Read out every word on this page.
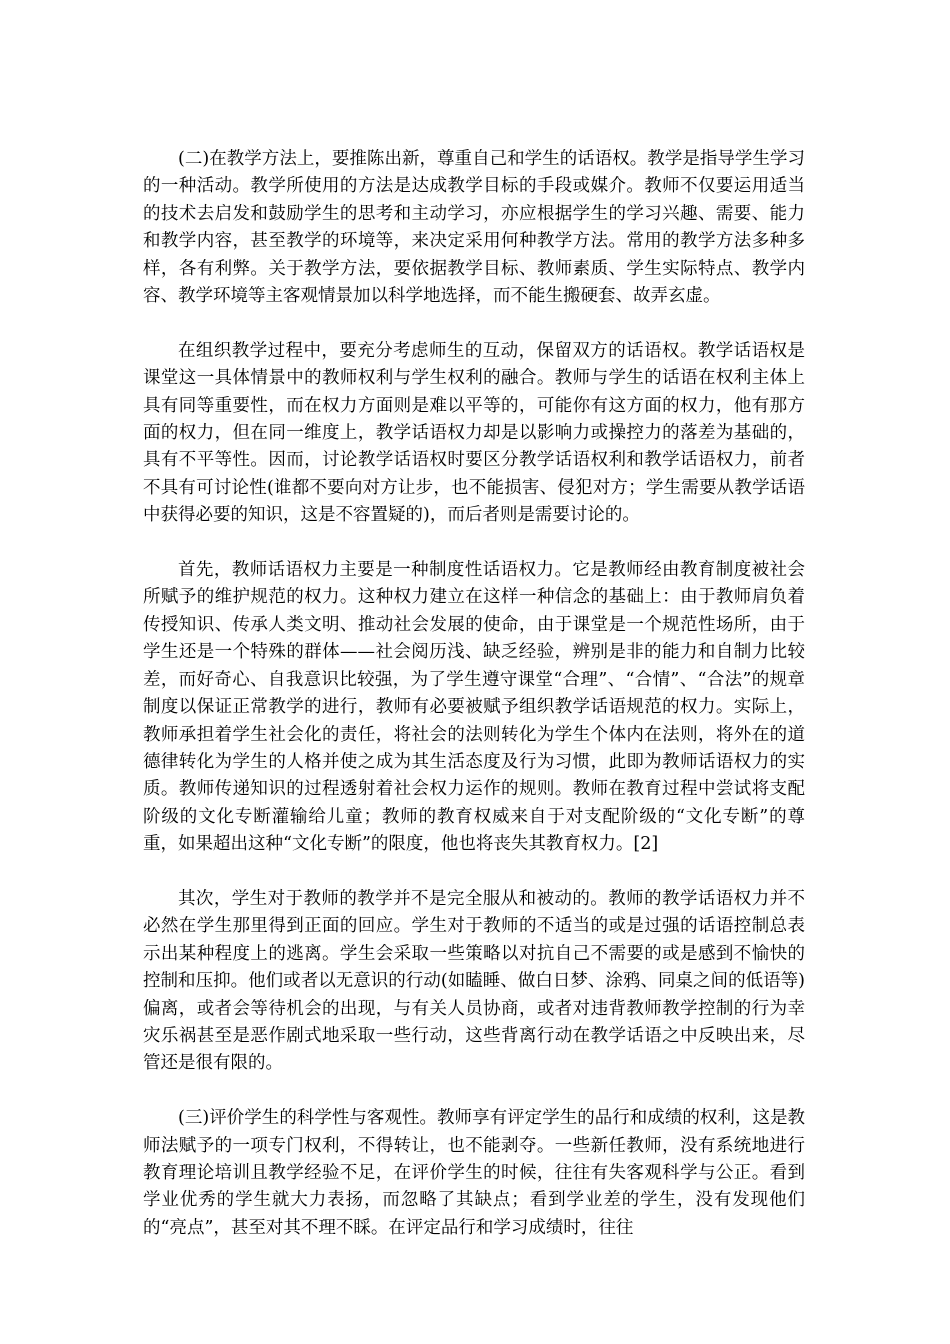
(二)在教学方法上，要推陈出新，尊重自己和学生的话语权。教学是指导学生学习的一种活动。教学所使用的方法是达成教学目标的手段或媒介。教师不仅要运用适当的技术去启发和鼓励学生的思考和主动学习，亦应根据学生的学习兴趣、需要、能力和教学内容，甚至教学的环境等，来决定采用何种教学方法。常用的教学方法多种多样，各有利弊。关于教学方法，要依据教学目标、教师素质、学生实际特点、教学内容、教学环境等主客观情景加以科学地选择，而不能生搬硬套、故弄玄虚。

在组织教学过程中，要充分考虑师生的互动，保留双方的话语权。教学话语权是课堂这一具体情景中的教师权利与学生权利的融合。教师与学生的话语在权利主体上具有同等重要性，而在权力方面则是难以平等的，可能你有这方面的权力，他有那方面的权力，但在同一维度上，教学话语权力却是以影响力或操控力的落差为基础的，具有不平等性。因而，讨论教学话语权时要区分教学话语权利和教学话语权力，前者不具有可讨论性(谁都不要向对方让步，也不能损害、侵犯对方；学生需要从教学话语中获得必要的知识，这是不容置疑的)，而后者则是需要讨论的。

首先，教师话语权力主要是一种制度性话语权力。它是教师经由教育制度被社会所赋予的维护规范的权力。这种权力建立在这样一种信念的基础上：由于教师肩负着传授知识、传承人类文明、推动社会发展的使命，由于课堂是一个规范性场所，由于学生还是一个特殊的群体——社会阅历浅、缺乏经验，辨别是非的能力和自制力比较差，而好奇心、自我意识比较强，为了学生遵守课堂“合理”、“合情”、“合法”的规章制度以保证正常教学的进行，教师有必要被赋予组织教学话语规范的权力。实际上，教师承担着学生社会化的责任，将社会的法则转化为学生个体内在法则，将外在的道德律转化为学生的人格并使之成为其生活态度及行为习惯，此即为教师话语权力的实质。教师传递知识的过程透射着社会权力运作的规则。教师在教育过程中尝试将支配阶级的文化专断灌输给儿童；教师的教育权威来自于对支配阶级的“文化专断”的尊重，如果超出这种“文化专断”的限度，他也将丧失其教育权力。[2]

其次，学生对于教师的教学并不是完全服从和被动的。教师的教学话语权力并不必然在学生那里得到正面的回应。学生对于教师的不适当的或是过强的话语控制总表示出某种程度上的逃离。学生会采取一些策略以对抗自己不需要的或是感到不愉快的控制和压抑。他们或者以无意识的行动(如瞌睡、做白日梦、涂鸦、同桌之间的低语等)偏离，或者会等待机会的出现，与有关人员协商，或者对违背教师教学控制的行为幸灾乐祸甚至是恶作剧式地采取一些行动，这些背离行动在教学话语之中反映出来，尽管还是很有限的。

(三)评价学生的科学性与客观性。教师享有评定学生的品行和成绩的权利，这是教师法赋予的一项专门权利，不得转让，也不能剥夺。一些新任教师，没有系统地进行教育理论培训且教学经验不足，在评价学生的时候，往往有失客观科学与公正。看到学业优秀的学生就大力表扬，而忽略了其缺点；看到学业差的学生，没有发现他们的“亮点”，甚至对其不理不睬。在评定品行和学习成绩时，往往
